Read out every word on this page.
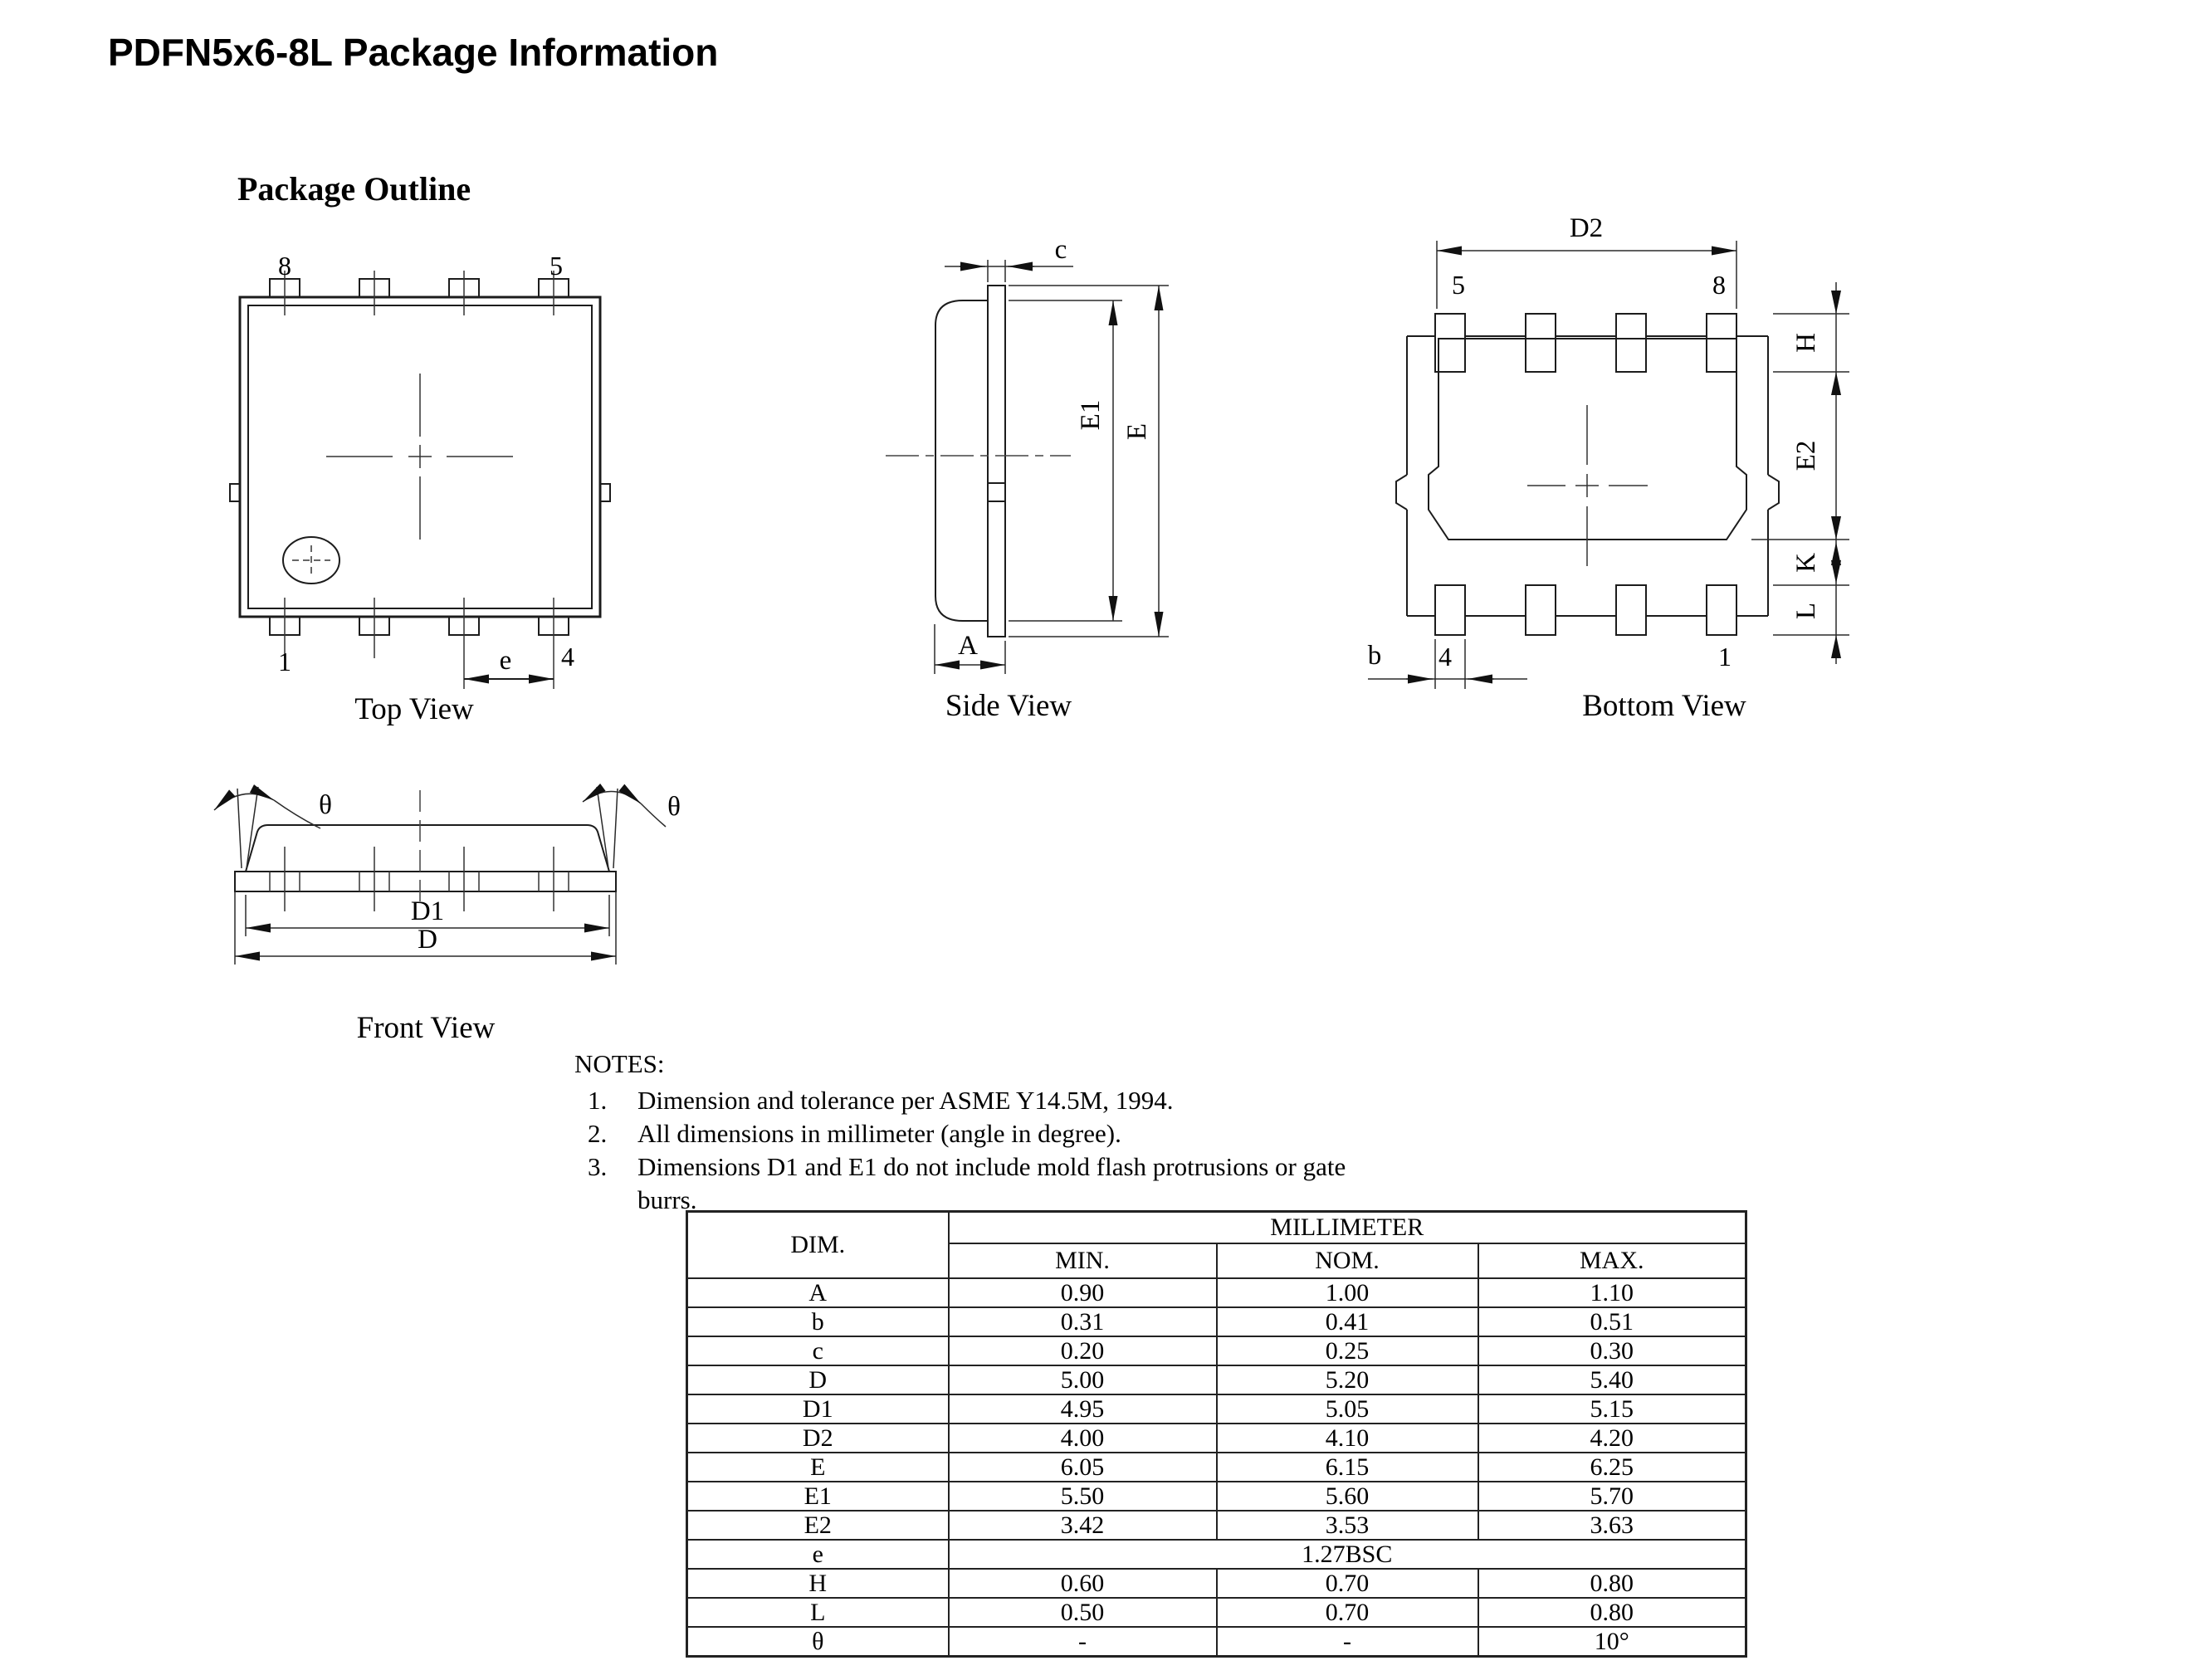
PDFN5x6-8L Package Information
Package Outline
8	5
1	4
e
Top View
c
E1
E
A
Side View
D2
5	8
4	1
b
H
E2
K
L
Bottom View
θ	θ
D1
D
Front View
NOTES:
1.	Dimension and tolerance per ASME Y14.5M, 1994.
2.	All dimensions in millimeter (angle in degree).
3.	Dimensions D1 and E1 do not include mold flash protrusions or gate burrs.
DIM.	MILLIMETER		
	MIN.	NOM.	MAX.
A	0.90	1.00	1.10
b	0.31	0.41	0.51
c	0.20	0.25	0.30
D	5.00	5.20	5.40
D1	4.95	5.05	5.15
D2	4.00	4.10	4.20
E	6.05	6.15	6.25
E1	5.50	5.60	5.70
E2	3.42	3.53	3.63
e	1.27BSC		
H	0.60	0.70	0.80
L	0.50	0.70	0.80
θ	-	-	10°
